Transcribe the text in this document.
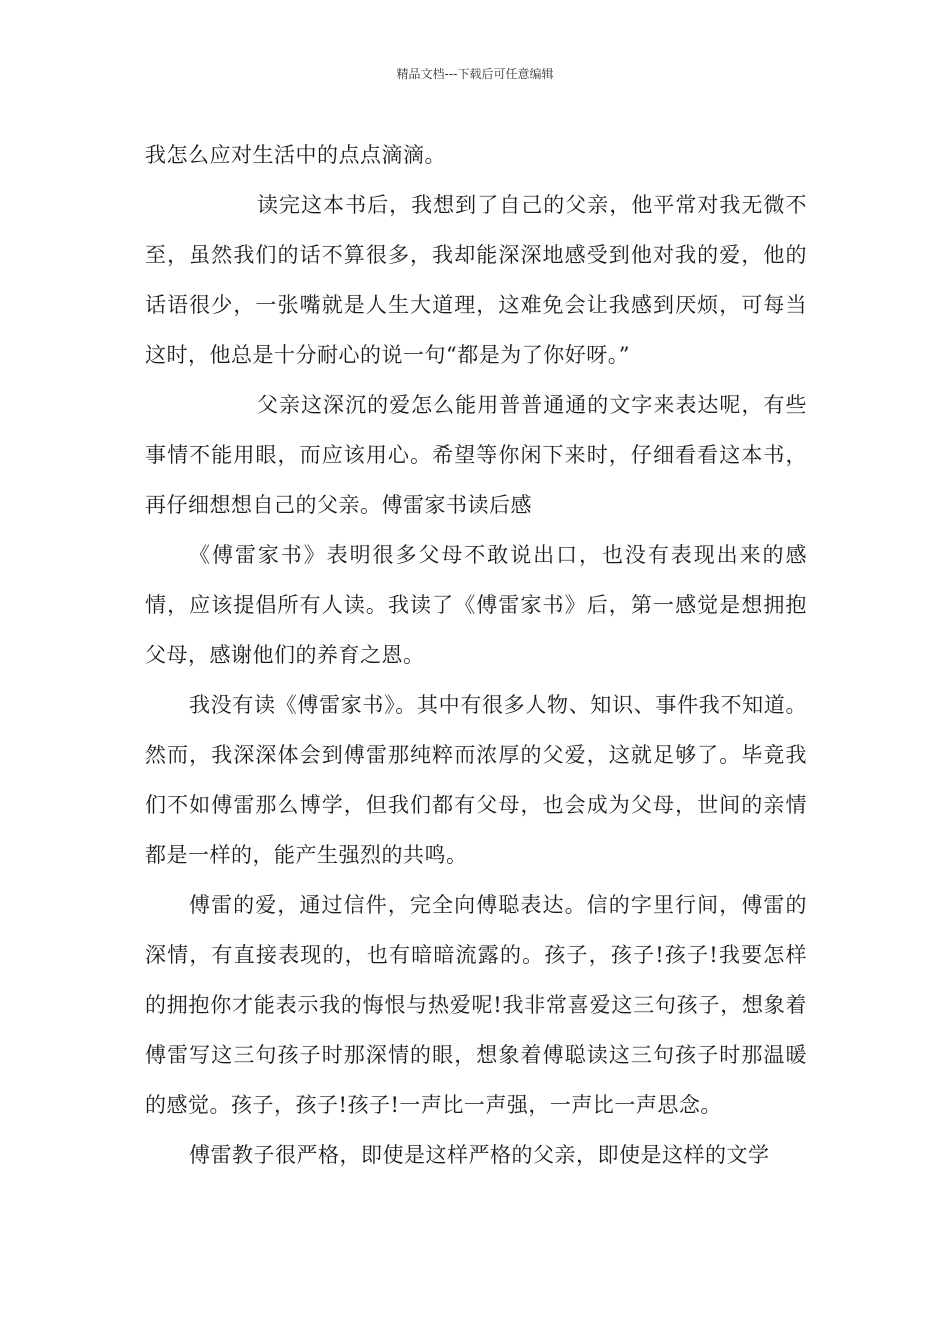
精品文档---下载后可任意编辑

我怎么应对生活中的点点滴滴。

读完这本书后，我想到了自己的父亲，他平常对我无微不至，虽然我们的话不算很多，我却能深深地感受到他对我的爱，他的话语很少，一张嘴就是人生大道理，这难免会让我感到厌烦，可每当这时，他总是十分耐心的说一句“都是为了你好呀。”

父亲这深沉的爱怎么能用普普通通的文字来表达呢，有些事情不能用眼，而应该用心。希望等你闲下来时，仔细看看这本书，再仔细想想自己的父亲。傅雷家书读后感

《傅雷家书》表明很多父母不敢说出口，也没有表现出来的感情，应该提倡所有人读。我读了《傅雷家书》后，第一感觉是想拥抱父母，感谢他们的养育之恩。

我没有读《傅雷家书》。其中有很多人物、知识、事件我不知道。然而，我深深体会到傅雷那纯粹而浓厚的父爱，这就足够了。毕竟我们不如傅雷那么博学，但我们都有父母，也会成为父母，世间的亲情都是一样的，能产生强烈的共鸣。

傅雷的爱，通过信件，完全向傅聪表达。信的字里行间，傅雷的深情，有直接表现的，也有暗暗流露的。孩子，孩子!孩子!我要怎样的拥抱你才能表示我的悔恨与热爱呢!我非常喜爱这三句孩子，想象着傅雷写这三句孩子时那深情的眼，想象着傅聪读这三句孩子时那温暖的感觉。孩子，孩子!孩子!一声比一声强，一声比一声思念。

傅雷教子很严格，即使是这样严格的父亲，即使是这样的文学
